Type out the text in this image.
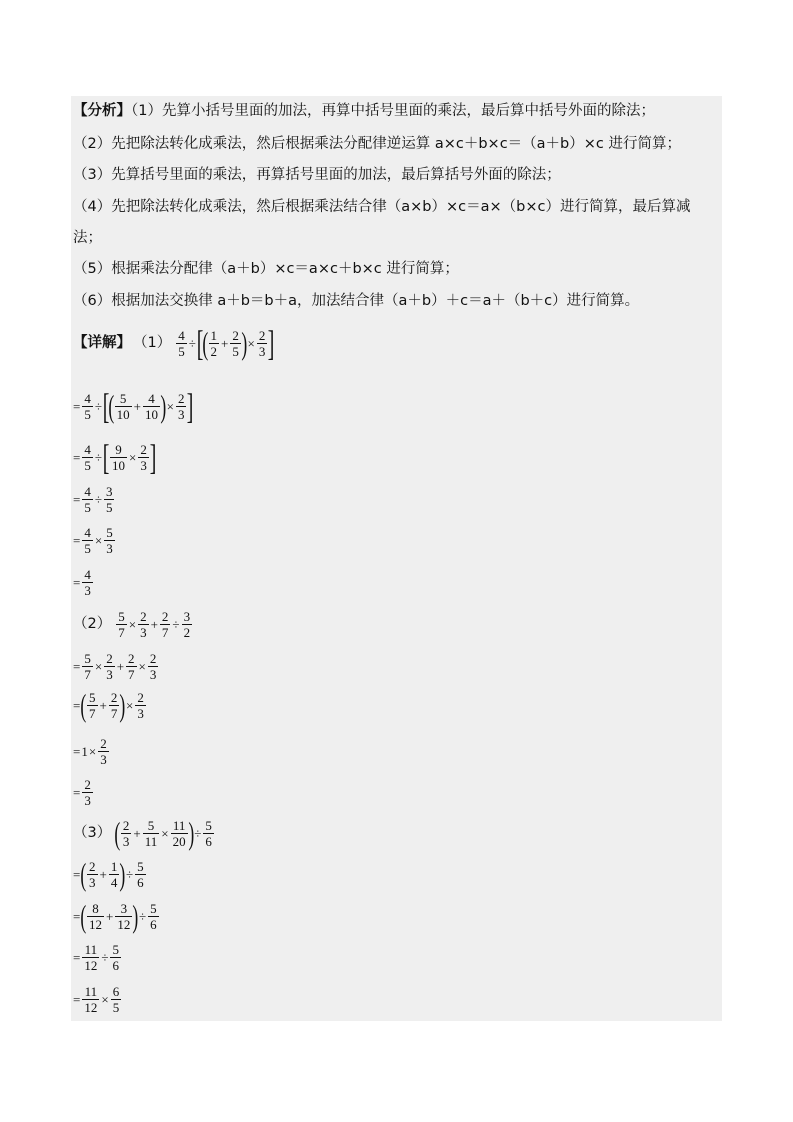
【分析】（1）先算小括号里面的加法，再算中括号里面的乘法，最后算中括号外面的除法；
（2）先把除法转化成乘法，然后根据乘法分配律逆运算 a×c＋b×c＝（a＋b）×c 进行简算；
（3）先算括号里面的乘法，再算括号里面的加法，最后算括号外面的除法；
（4）先把除法转化成乘法，然后根据乘法结合律（a×b）×c＝a×（b×c）进行简算，最后算减
法；
（5）根据乘法分配律（a＋b）×c＝a×c＋b×c 进行简算；
（6）根据加法交换律 a＋b＝b＋a，加法结合律（a＋b）＋c＝a＋（b＋c）进行简算。
【详解】 $(1) \frac{4}{5}$ ÷ [ ( $\frac{1}{2} + \frac{2}{5}$ ) × $\frac{2}{3}$ ]
= $\frac{4}{5}$ ÷ [ ( $\frac{5}{10} + \frac{4}{10}$ ) × $\frac{2}{3}$ ]
= $\frac{4}{5}$ ÷ [ $\frac{9}{10} \times \frac{2}{3}$ ]
= $\frac{4}{5} \div \frac{3}{5}$
= $\frac{4}{5} \times \frac{5}{3}$
= $\frac{4}{3}$
$(2) \frac{5}{7} \times \frac{2}{3} + \frac{2}{7} \div \frac{3}{2}$
= $\frac{5}{7} \times \frac{2}{3} + \frac{2}{7} \times \frac{2}{3}$
= ( $\frac{5}{7} + \frac{2}{7}$ ) × $\frac{2}{3}$
= $1 \times \frac{2}{3}$
= $\frac{2}{3}$
（3） ( $\frac{2}{3} + \frac{5}{11} \times \frac{11}{20}$ ) ÷ $\frac{5}{6}$
= ( $\frac{2}{3} + \frac{1}{4}$ ) ÷ $\frac{5}{6}$
= ( $\frac{8}{12} + \frac{3}{12}$ ) ÷ $\frac{5}{6}$
= $\frac{11}{12} \div \frac{5}{6}$
= $\frac{11}{12} \times \frac{6}{5}$
